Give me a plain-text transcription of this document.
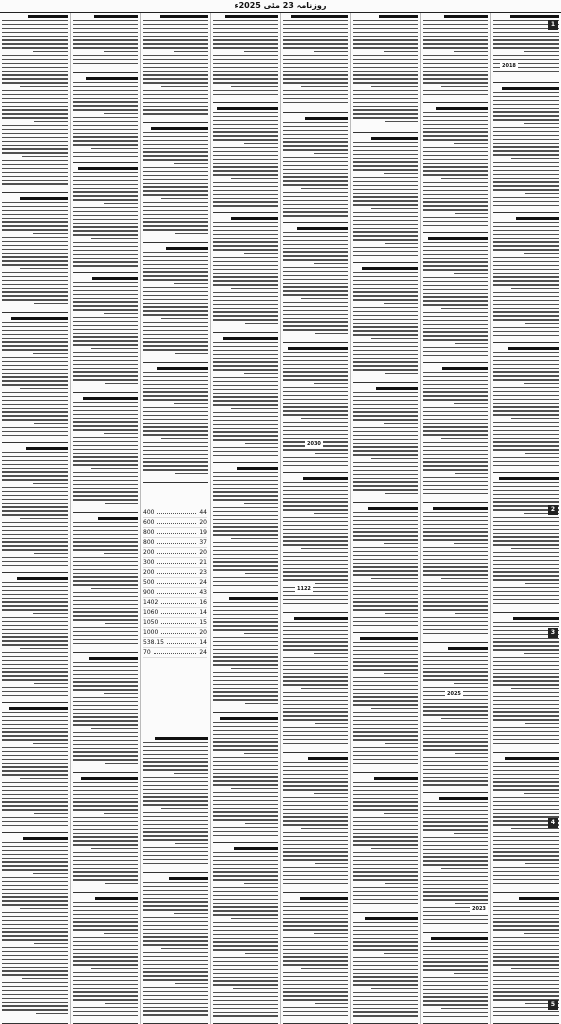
روزنامہ 23 مئی 2025ء
400	44
600	20
800	19
800	37
200	20
300	21
200	23
500	24
900	43
1402	16
1060	14
1050	15
1000	20
538.15	14
70	24
1
2
3
4
5
2018
2025
2030
1122
2023
